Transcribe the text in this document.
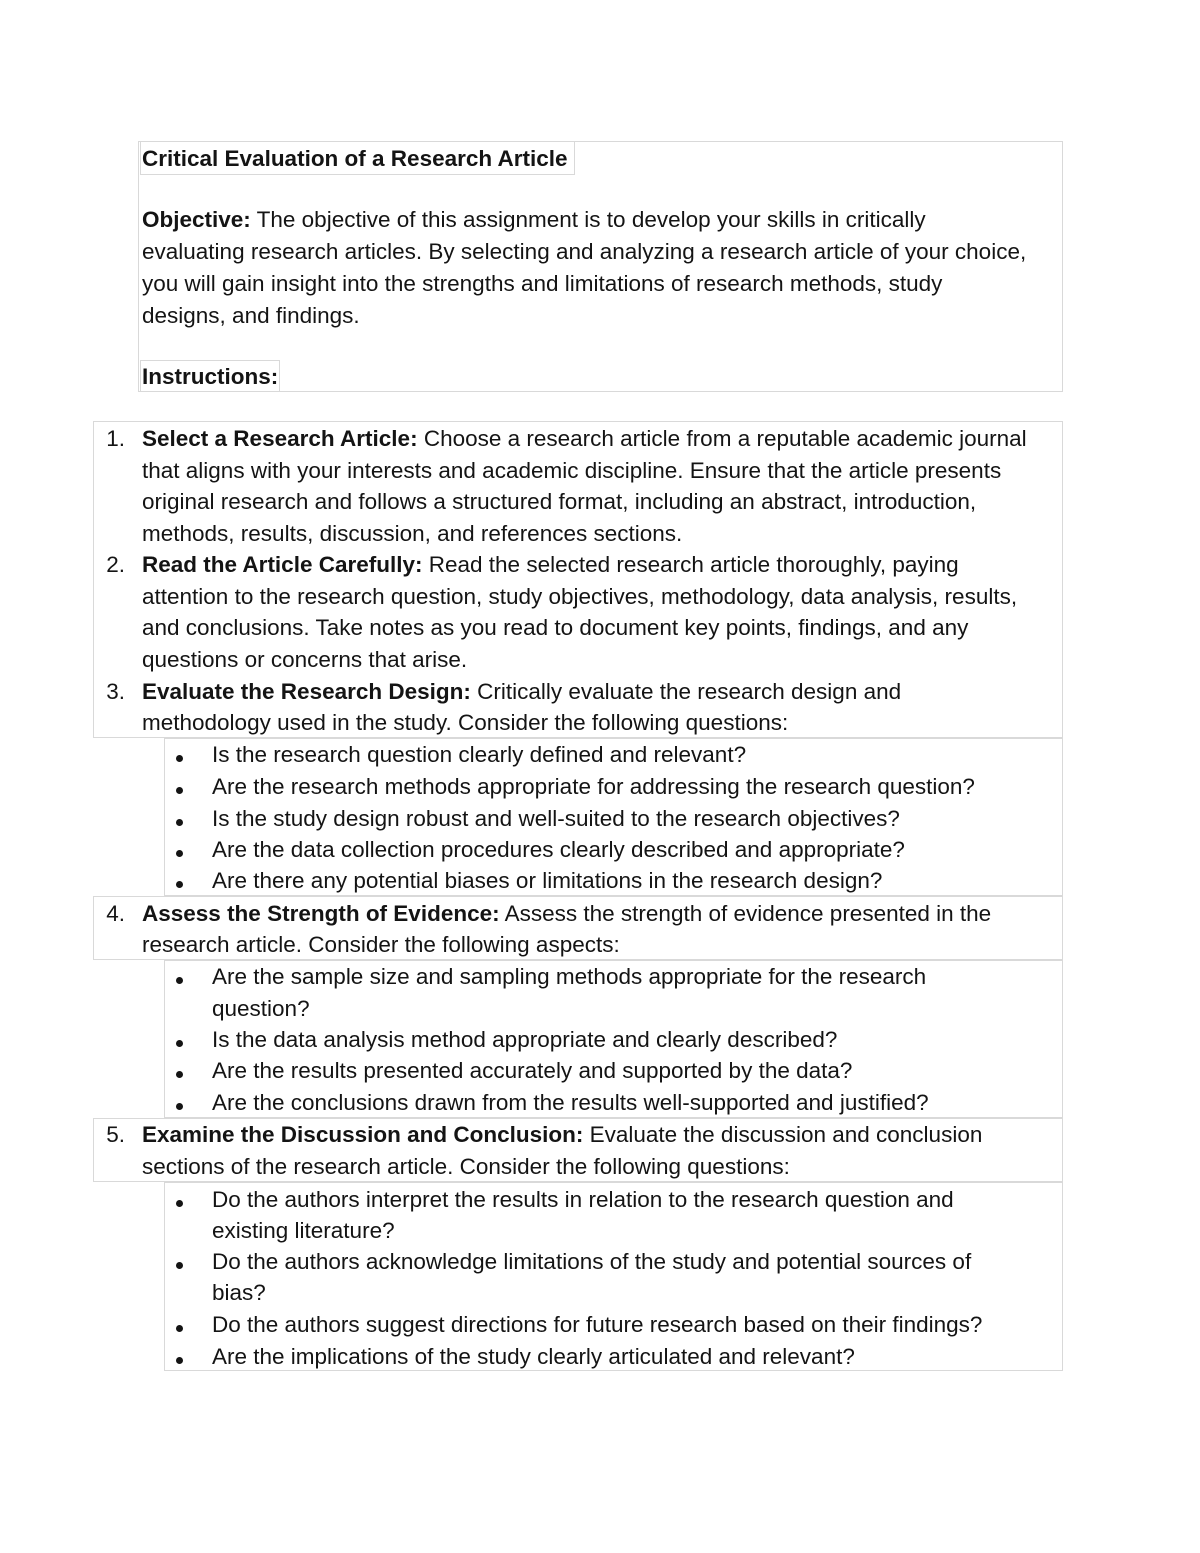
Critical Evaluation of a Research Article
Objective: The objective of this assignment is to develop your skills in critically
evaluating research articles. By selecting and analyzing a research article of your choice,
you will gain insight into the strengths and limitations of research methods, study
designs, and findings.
Instructions:
1. Select a Research Article: Choose a research article from a reputable academic journal
that aligns with your interests and academic discipline. Ensure that the article presents
original research and follows a structured format, including an abstract, introduction,
methods, results, discussion, and references sections.
2. Read the Article Carefully: Read the selected research article thoroughly, paying
attention to the research question, study objectives, methodology, data analysis, results,
and conclusions. Take notes as you read to document key points, findings, and any
questions or concerns that arise.
3. Evaluate the Research Design: Critically evaluate the research design and
methodology used in the study. Consider the following questions:
Is the research question clearly defined and relevant?
Are the research methods appropriate for addressing the research question?
Is the study design robust and well-suited to the research objectives?
Are the data collection procedures clearly described and appropriate?
Are there any potential biases or limitations in the research design?
4. Assess the Strength of Evidence: Assess the strength of evidence presented in the
research article. Consider the following aspects:
Are the sample size and sampling methods appropriate for the research
question?
Is the data analysis method appropriate and clearly described?
Are the results presented accurately and supported by the data?
Are the conclusions drawn from the results well-supported and justified?
5. Examine the Discussion and Conclusion: Evaluate the discussion and conclusion
sections of the research article. Consider the following questions:
Do the authors interpret the results in relation to the research question and
existing literature?
Do the authors acknowledge limitations of the study and potential sources of
bias?
Do the authors suggest directions for future research based on their findings?
Are the implications of the study clearly articulated and relevant?
